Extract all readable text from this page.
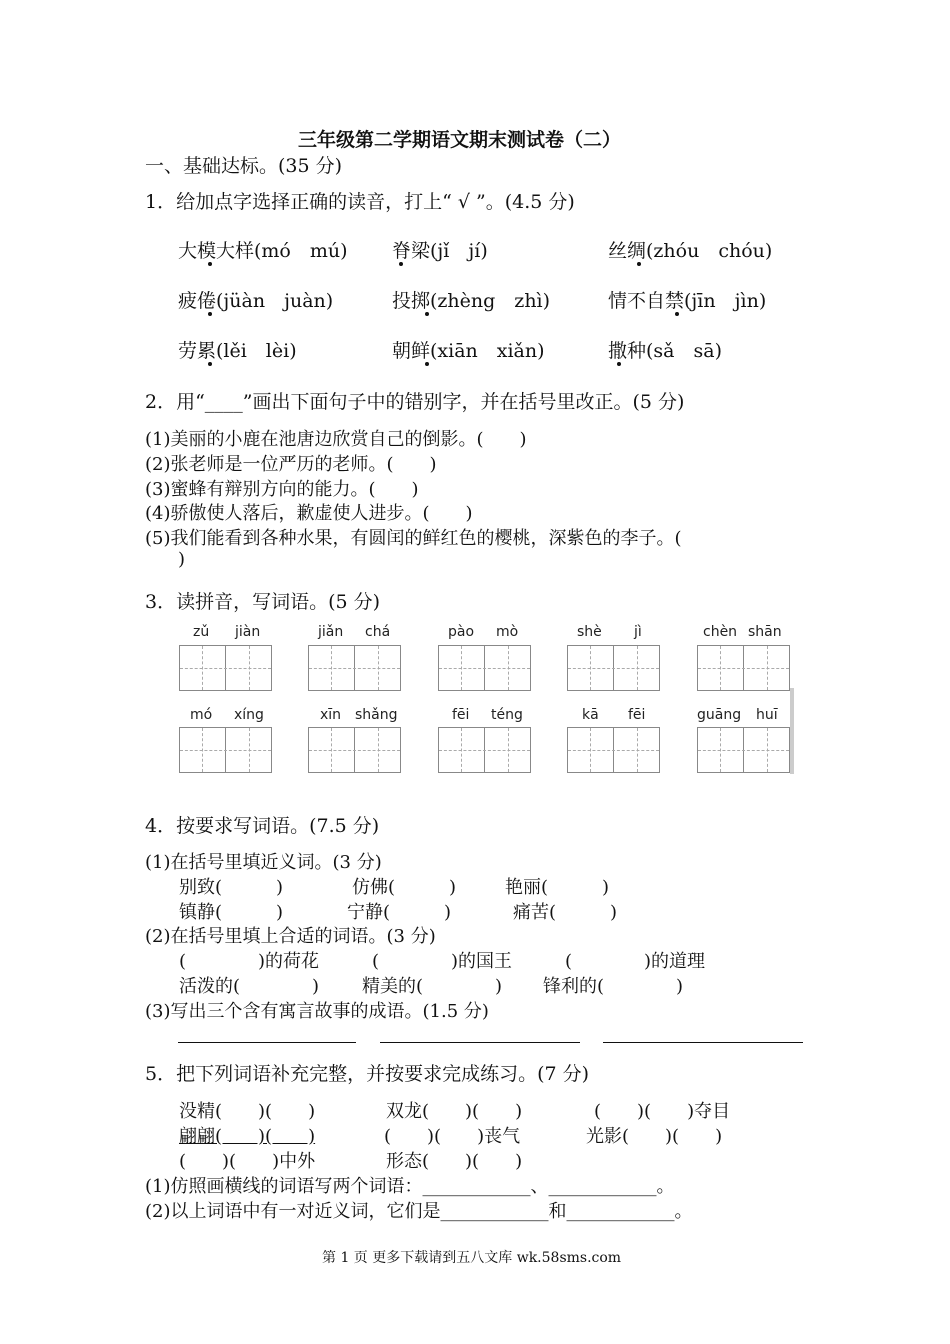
三年级第二学期语文期末测试卷（二）
一、基础达标。(35 分)
1．给加点字选择正确的读音，打上“ √ ”。(4.5 分)
大模大样(mó　mú) 脊梁(jǐ　jí)	丝绸(zhóu　chóu)
疲倦(jüàn　juàn)	投掷(zhèng　zhì)	情不自禁(jīn　jìn)
劳累(lěi　lèi)	朝鲜(xiān　xiǎn)	撒种(sǎ　sā)
2．用“____”画出下面句子中的错别字，并在括号里改正。(5 分)
(1)美丽的小鹿在池唐边欣赏自己的倒影。(　　)
(2)张老师是一位严历的老师。(　　)
(3)蜜蜂有辩别方向的能力。(　　)
(4)骄傲使人落后，歉虚使人进步。(　　)
(5)我们能看到各种水果，有圆闰的鲜红色的樱桃，深紫色的李子。(
)
3．读拼音，写词语。(5 分)
zǔ jiàn	jiǎn chá	pào mò	shè jì	chèn shān
mó xíng	xīn shǎng	fēi téng	kā fēi	guāng huī
4．按要求写词语。(7.5 分)
(1)在括号里填近义词。(3 分)
别致(　　　)	仿佛(　　　)	艳丽(　　　)
镇静(　　　)	宁静(　　　)	痛苦(　　　)
(2)在括号里填上合适的词语。(3 分)
(　　　　)的荷花	(　　　　)的国王	(　　　　)的道理
活泼的(　　　　) 精美的(　　　　) 锋利的(　　　　)
(3)写出三个含有寓言故事的成语。(1.5 分)
5．把下列词语补充完整，并按要求完成练习。(7 分)
没精(　　)(　　)	双龙(　　)(　　)	(　　)(　　)夺目
翩翩(　　)(　　)	(　　)(　　)丧气	光影(　　)(　　)
(　　)(　　)中外	形态(　　)(　　)
(1)仿照画横线的词语写两个词语：____________、____________。
(2)以上词语中有一对近义词，它们是____________和____________。
第 1 页 更多下载请到五八文库 wk.58sms.com
